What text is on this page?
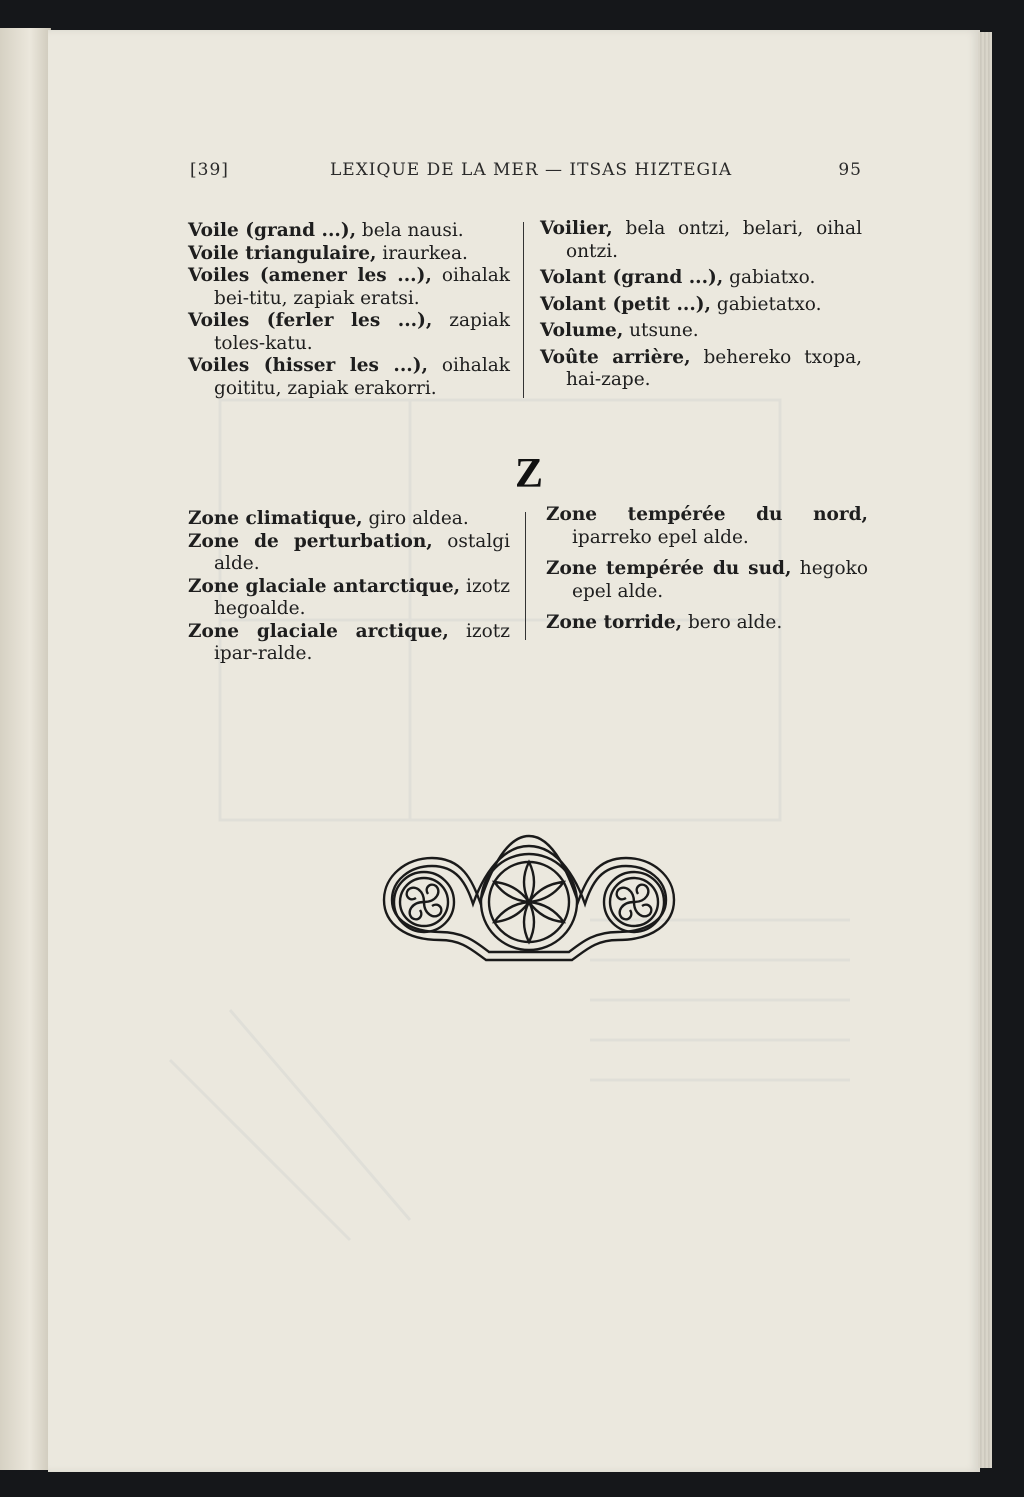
[39]	LEXIQUE DE LA MER — ITSAS HIZTEGIA	95
Voile (grand ...), bela nausi.
Voile triangulaire, iraurkea.
Voiles (amener les ...), oihalak bei-titu, zapiak eratsi.
Voiles (ferler les ...), zapiak toles-katu.
Voiles (hisser les ...), oihalak goititu, zapiak erakorri.
Voilier, bela ontzi, belari, oihal ontzi.
Volant (grand ...), gabiatxo.
Volant (petit ...), gabietatxo.
Volume, utsune.
Voûte arrière, behereko txopa, hai-zape.
Z
Zone climatique, giro aldea.
Zone de perturbation, ostalgi alde.
Zone glaciale antarctique, izotz hegoalde.
Zone glaciale arctique, izotz ipar-ralde.
Zone tempérée du nord, iparreko epel alde.
Zone tempérée du sud, hegoko epel alde.
Zone torride, bero alde.
